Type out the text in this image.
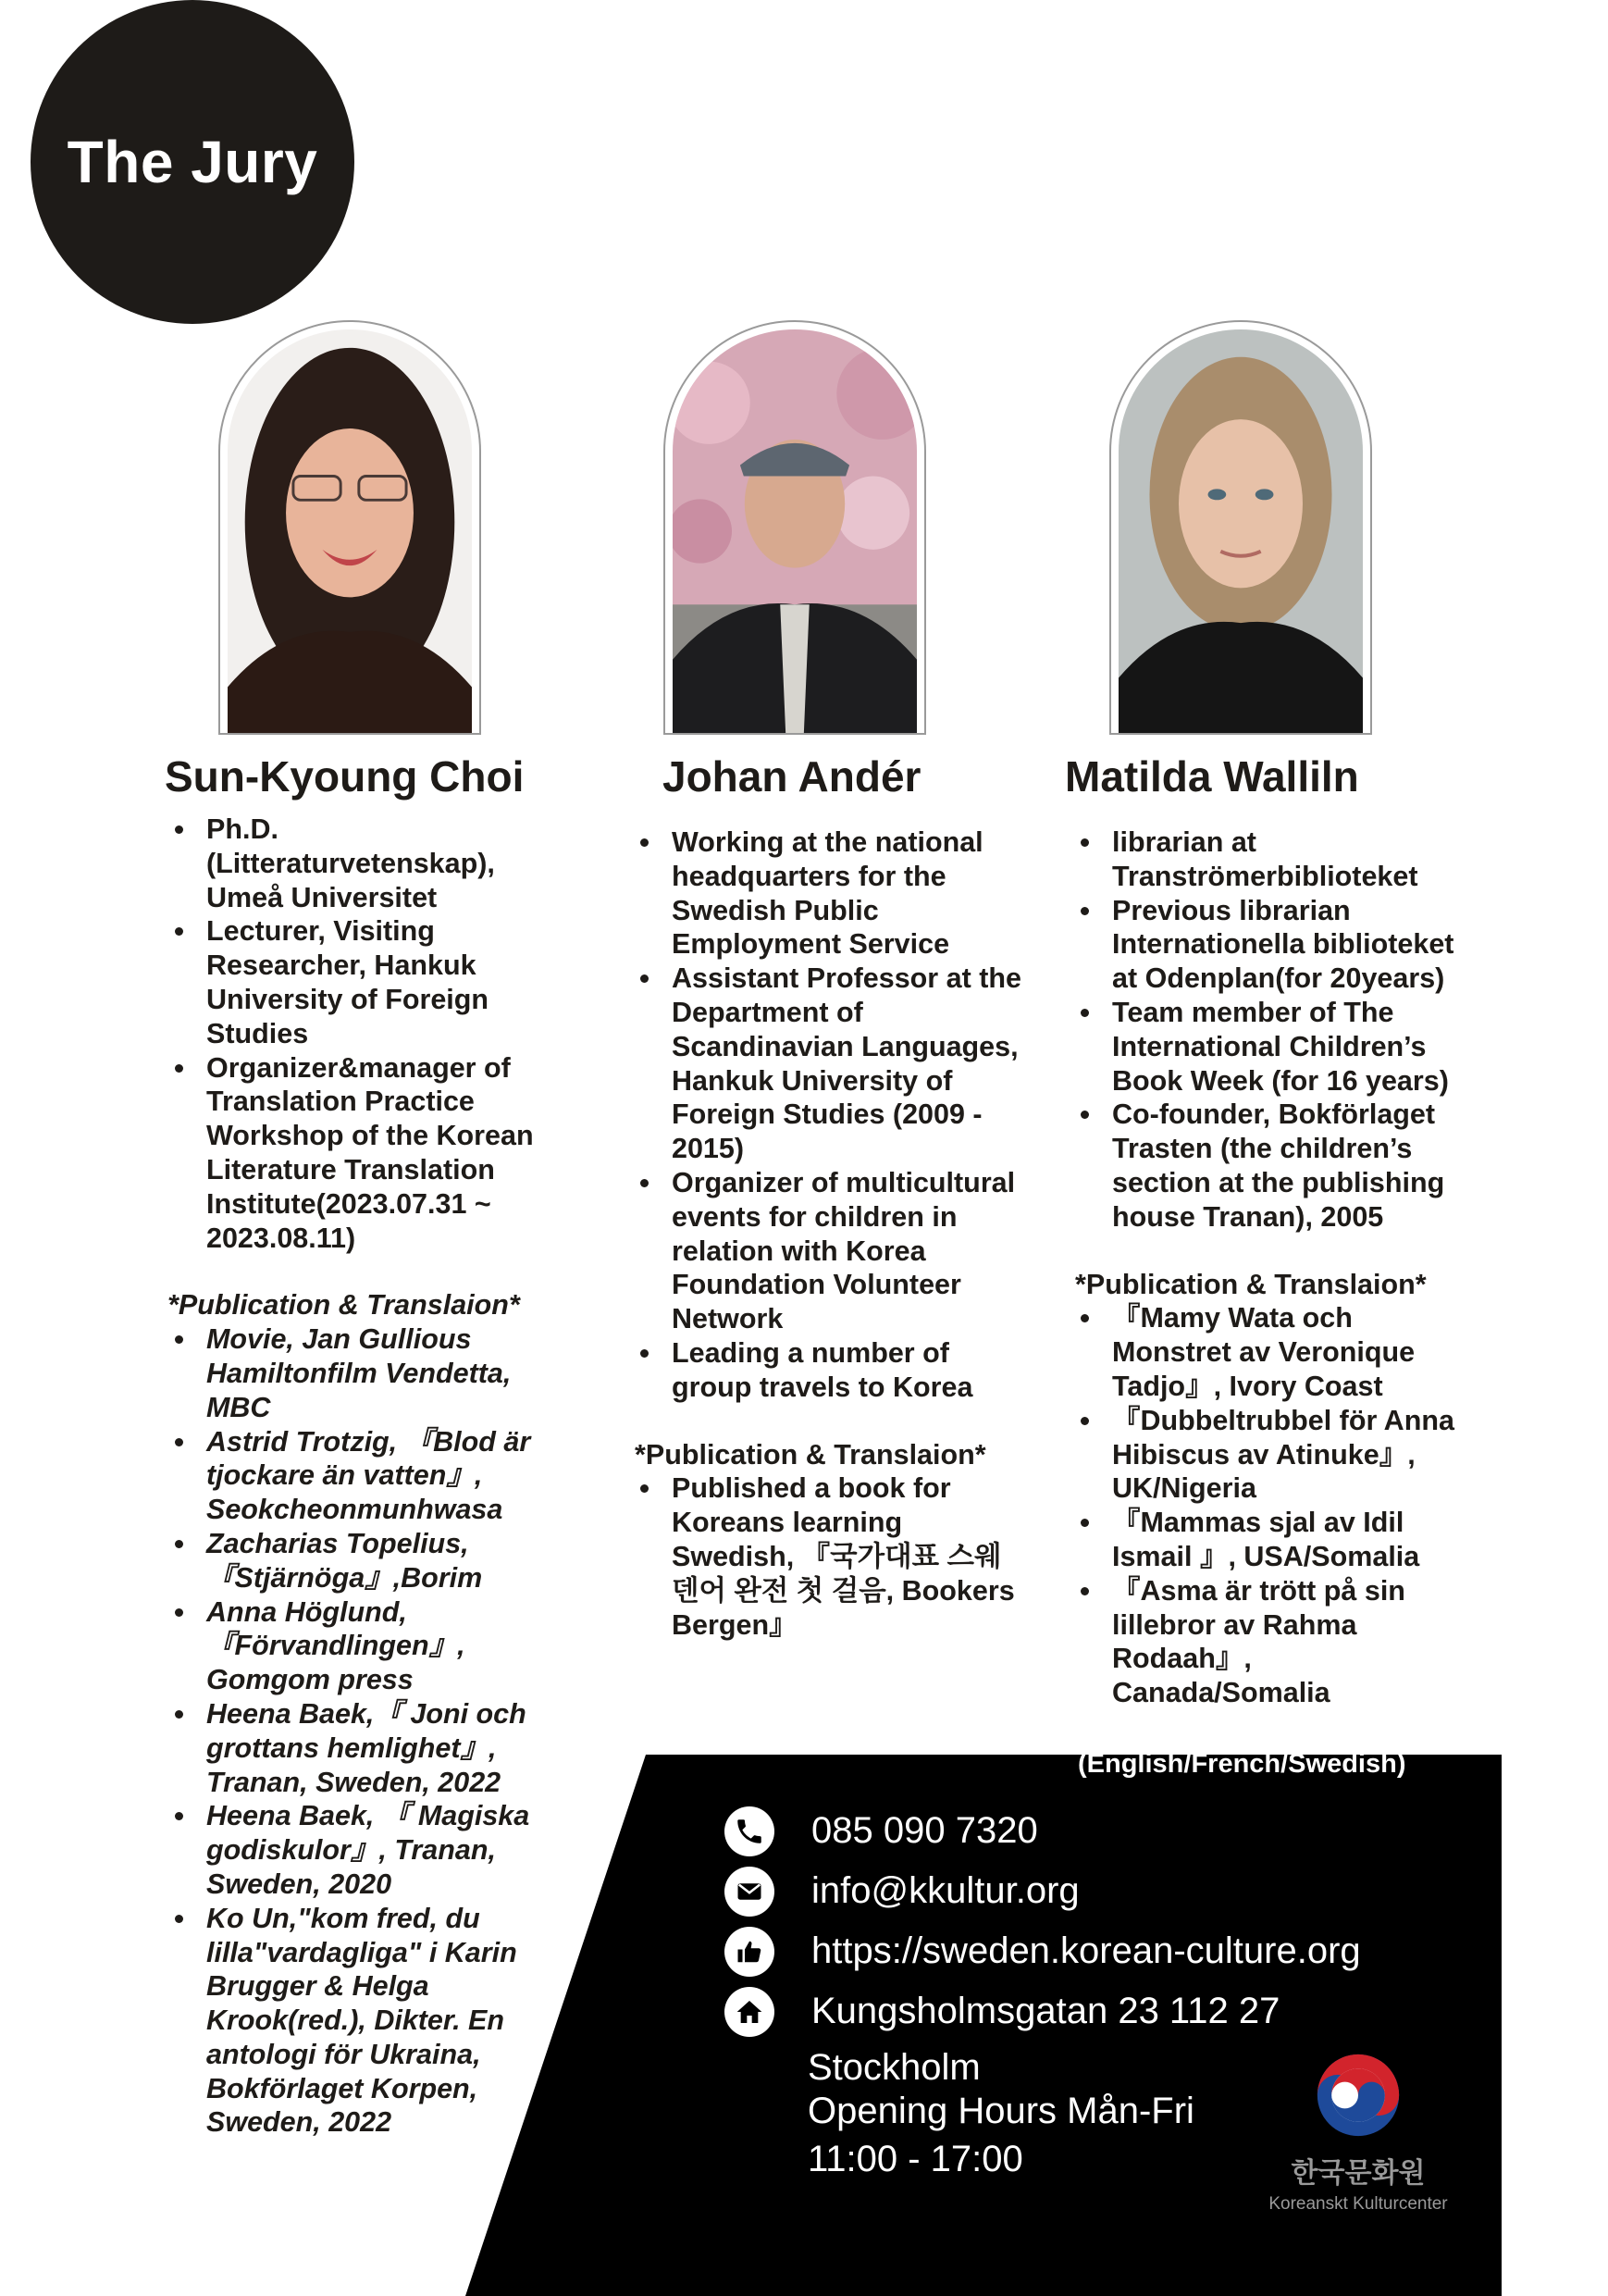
The Jury
Sun-Kyoung Choi	Johan Andér	Matilda Walliln
Ph.D. (Litteraturvetenskap), Umeå Universitet
Lecturer, Visiting Researcher, Hankuk University of Foreign Studies
Organizer&manager of Translation Practice Workshop of the Korean Literature Translation Institute(2023.07.31 ~ 2023.08.11)
*Publication & Translaion*
Movie, Jan Gullious Hamiltonfilm Vendetta, MBC
Astrid Trotzig, 『Blod är tjockare än vatten』, Seokcheonmunhwasa
Zacharias Topelius, 『Stjärnöga』,Borim
Anna Höglund, 『Förvandlingen』, Gomgom press
Heena Baek,『 Joni och grottans hemlighet』, Tranan, Sweden, 2022
Heena Baek, 『 Magiska godiskulor』, Tranan, Sweden, 2020
Ko Un,"kom fred, du lilla"vardagliga" i Karin Brugger & Helga Krook(red.), Dikter. En antologi för Ukraina, Bokförlaget Korpen, Sweden, 2022
Working at the national headquarters for the Swedish Public Employment Service
Assistant Professor at the Department of Scandinavian Languages, Hankuk University of Foreign Studies (2009 - 2015)
Organizer of multicultural events for children in relation with Korea Foundation Volunteer Network
Leading a number of group travels to Korea
*Publication & Translaion*
Published a book for Koreans learning Swedish, 『국가대표 스웨덴어 완전 첫 걸음, Bookers Bergen』
librarian at Tranströmerbiblioteket
Previous librarian Internationella biblioteket at Odenplan(for 20years)
Team member of The International Children’s Book Week (for 16 years)
Co-founder, Bokförlaget Trasten (the children’s section at the publishing house Tranan), 2005
*Publication & Translaion*
『Mamy Wata och Monstret av Veronique Tadjo』, Ivory Coast
『Dubbeltrubbel för Anna Hibiscus av Atinuke』, UK/Nigeria
『Mammas sjal av Idil Ismail 』, USA/Somalia
『Asma är trött på sin lillebror av Rahma Rodaah』, Canada/Somalia
(English/French/Swedish)
085 090 7320
info@kkultur.org
https://sweden.korean-culture.org
Kungsholmsgatan 23 112 27
Stockholm
Opening Hours Mån-Fri
11:00 - 17:00	한국문화원
Koreanskt Kulturcenter
